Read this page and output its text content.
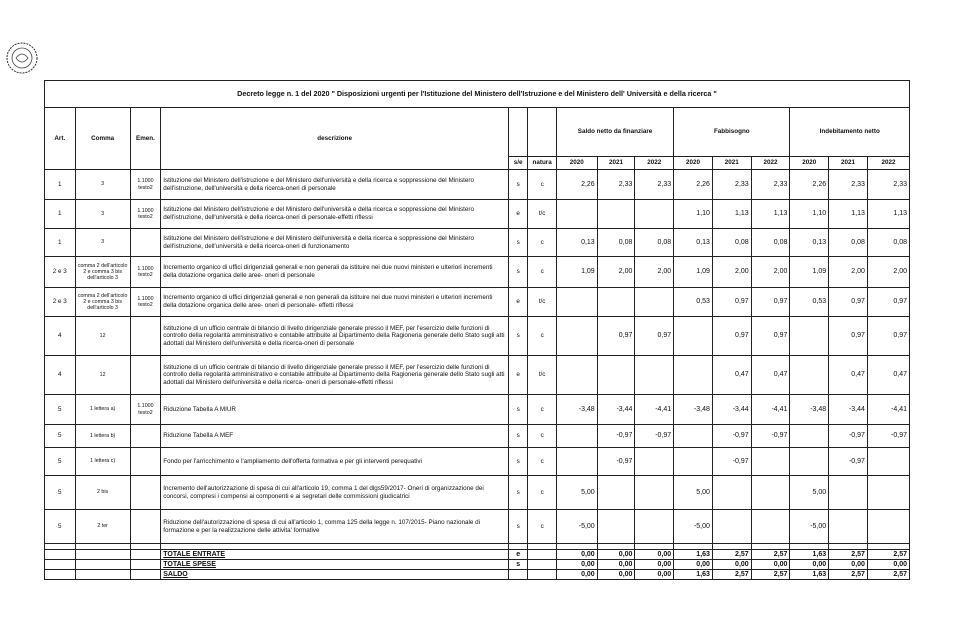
Decreto legge n. 1 del 2020 " Disposizioni urgenti per l'Istituzione del Ministero dell'Istruzione e del Ministero dell' Università e della ricerca "														
Art.	Comma	Emen.	descrizione			Saldo netto da finanziare			Fabbisogno			Indebitamento netto		
				s/e	natura	2020	2021	2022	2020	2021	2022	2020	2021	2022
1	3	1.1000 testo2	Istituzione del Ministero dell'istruzione e del Ministero dell'università e della ricerca e soppressione del Ministero dell'istruzione, dell'università e della ricerca-oneri di personale	s	c	2,26	2,33	2,33	2,26	2,33	2,33	2,26	2,33	2,33
1	3	1.1000 testo2	Istituzione del Ministero dell'istruzione e del Ministero dell'università e della ricerca e soppressione del Ministero dell'istruzione, dell'università e della ricerca-oneri di personale-effetti riflessi	e	t/c				1,10	1,13	1,13	1,10	1,13	1,13
1	3		Istituzione del Ministero dell'istruzione e del Ministero dell'università e della ricerca e soppressione del Ministero dell'istruzione, dell'università e della ricerca-oneri di funzionamento	s	c	0,13	0,08	0,08	0,13	0,08	0,08	0,13	0,08	0,08
2 e 3	comma 2 dell'articolo 2 e comma 3 bis dell'articolo 3	1.1000 testo2	Incremento organico di uffici dirigenziali generali e non generali da istituire nei due nuovi ministeri e ulteriori incrementi della dotazione organica delle aree- oneri di personale	s	c	1,09	2,00	2,00	1,09	2,00	2,00	1,09	2,00	2,00
2 e 3	comma 2 dell'articolo 2 e comma 3 bis dell'articolo 3	1.1000 testo2	Incremento organico di uffici dirigenziali generali e non generali da istituire nei due nuovi ministeri e ulteriori incrementi della dotazione organica delle aree- oneri di personale- effetti riflessi	e	t/c				0,53	0,97	0,97	0,53	0,97	0,97
4	12		Istituzione di un ufficio centrale di bilancio di livello dirigenziale generale presso il MEF, per l'esercizio delle funzioni di controllo della regolarità amministrativo e contabile attribuite al Dipartimento della Ragioneria generale dello Stato sugli atti adottati dal Ministero dell'università e della ricerca-oneri di personale	s	c		0,97	0,97		0,97	0,97		0,97	0,97
4	12		Istituzione di un ufficio centrale di bilancio di livello dirigenziale generale presso il MEF, per l'esercizio delle funzioni di controllo della regolarità amministrativo e contabile attribuite al Dipartimento della Ragioneria generale dello Stato sugli atti adottati dal Ministero dell'università e della ricerca- oneri di personale-effetti riflessi	e	t/c					0,47	0,47		0,47	0,47
5	1 lettera a)	1.1000 testo2	Riduzione Tabella A MIUR	s	c	-3,48	-3,44	-4,41	-3,48	-3,44	-4,41	-3,48	-3,44	-4,41
5	1 lettera b)		Riduzione Tabella A MEF	s	c		-0,97	-0,97		-0,97	-0,97		-0,97	-0,97
5	1 lettera c)		Fondo per l'arricchimento e l'ampliamento dell'offerta formativa e per gli interventi perequativi	s	c		-0,97			-0,97			-0,97	
5	2 bis		Incremento dell'autorizzazione di spesa di cui all'articolo 19, comma 1 del dlgs59/2017- Oneri di organizzazione dei concorsi, compresi i compensi ai componenti e ai segretari delle commissioni giudicatrici	s	c	5,00			5,00			5,00		
5	2 ter		Riduzione dell'autorizzazione di spesa di cui all'articolo 1, comma 125 della legge n. 107/2015- Piano nazionale di formazione e per la realizzazione delle attivita' formative	s	c	-5,00			-5,00			-5,00		

			TOTALE ENTRATE	e		0,00	0,00	0,00	1,63	2,57	2,57	1,63	2,57	2,57
			TOTALE SPESE	s		0,00	0,00	0,00	0,00	0,00	0,00	0,00	0,00	0,00
			SALDO			0,00	0,00	0,00	1,63	2,57	2,57	1,63	2,57	2,57
